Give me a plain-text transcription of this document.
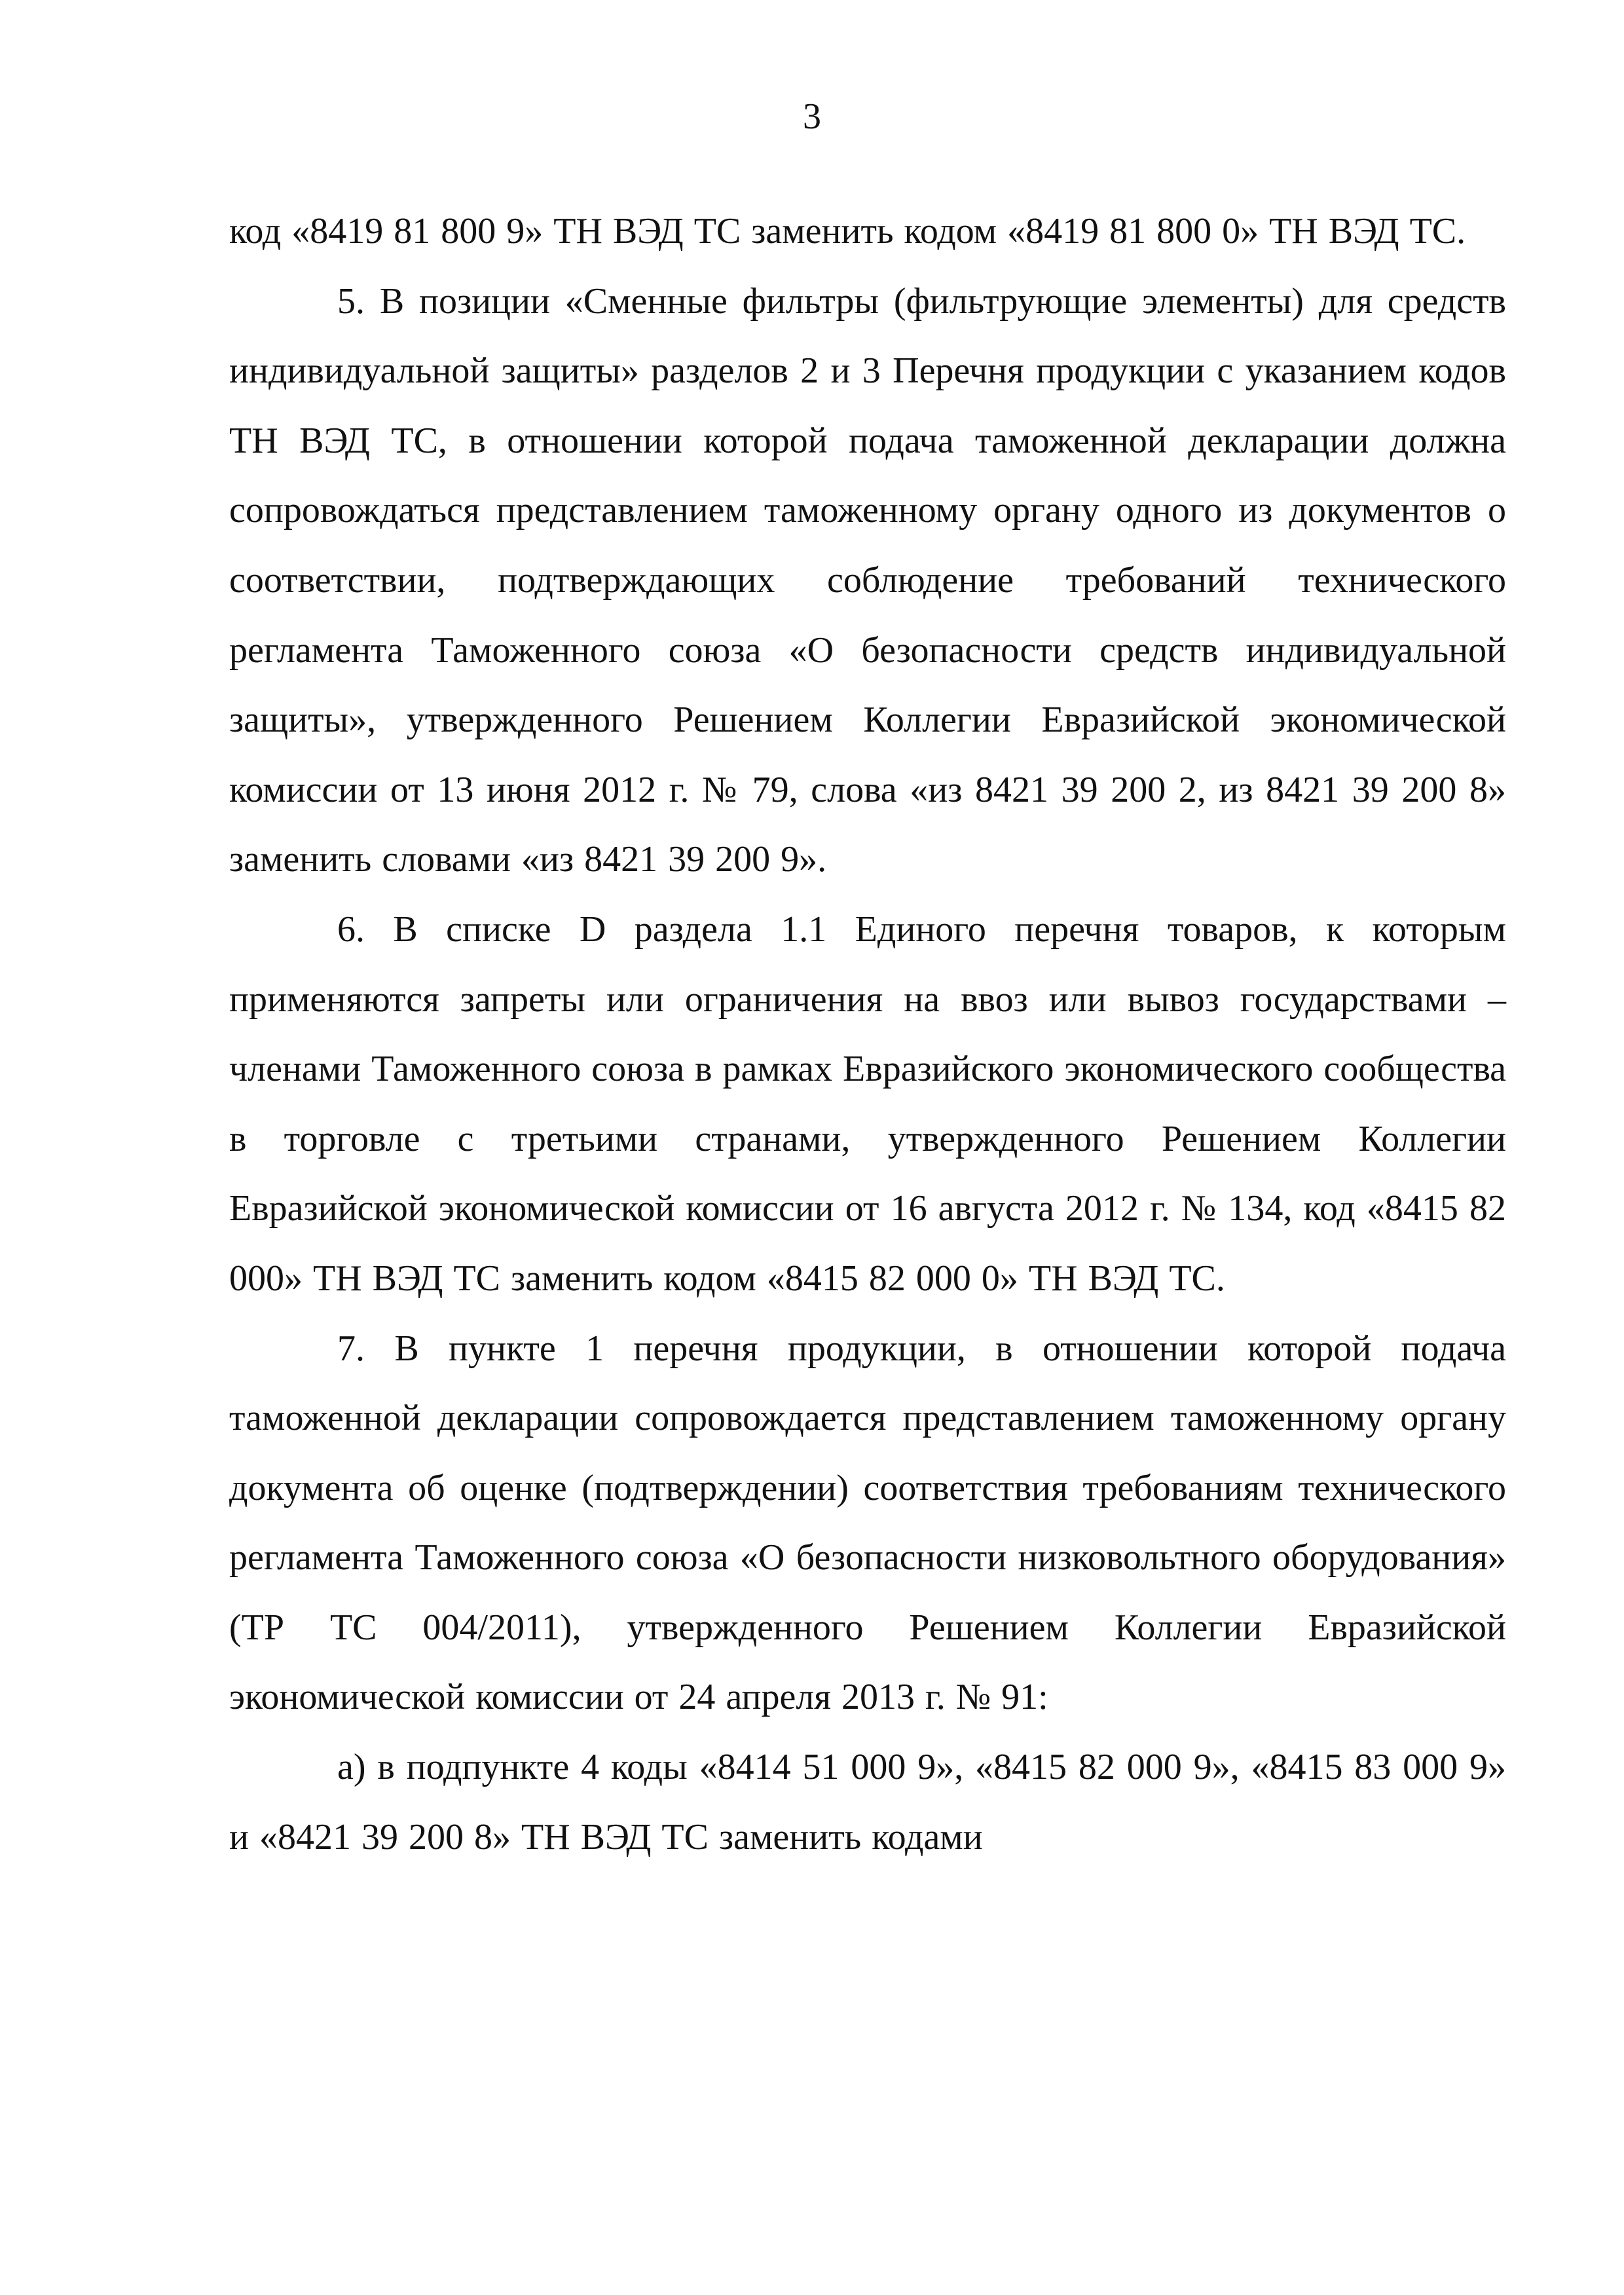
3

код «8419 81 800 9» ТН ВЭД ТС заменить кодом «8419 81 800 0» ТН ВЭД ТС.

5. В позиции «Сменные фильтры (фильтрующие элементы) для средств индивидуальной защиты» разделов 2 и 3 Перечня продукции с указанием кодов ТН ВЭД ТС, в отношении которой подача таможенной декларации должна сопровождаться представлением таможенному органу одного из документов о соответствии, подтверждающих соблюдение требований технического регламента Таможенного союза «О безопасности средств индивидуальной защиты», утвержденного Решением Коллегии Евразийской экономической комиссии от 13 июня 2012 г. № 79, слова «из 8421 39 200 2, из 8421 39 200 8» заменить словами «из 8421 39 200 9».

6. В списке D раздела 1.1 Единого перечня товаров, к которым применяются запреты или ограничения на ввоз или вывоз государствами – членами Таможенного союза в рамках Евразийского экономического сообщества в торговле с третьими странами, утвержденного Решением Коллегии Евразийской экономической комиссии от 16 августа 2012 г. № 134, код «8415 82 000» ТН ВЭД ТС заменить кодом «8415 82 000 0» ТН ВЭД ТС.

7. В пункте 1 перечня продукции, в отношении которой подача таможенной декларации сопровождается представлением таможенному органу документа об оценке (подтверждении) соответствия требованиям технического регламента Таможенного союза «О безопасности низковольтного оборудования» (ТР ТС 004/2011), утвержденного Решением Коллегии Евразийской экономической комиссии от 24 апреля 2013 г. № 91:

а) в подпункте 4 коды «8414 51 000 9», «8415 82 000 9», «8415 83 000 9» и «8421 39 200 8» ТН ВЭД ТС заменить кодами
